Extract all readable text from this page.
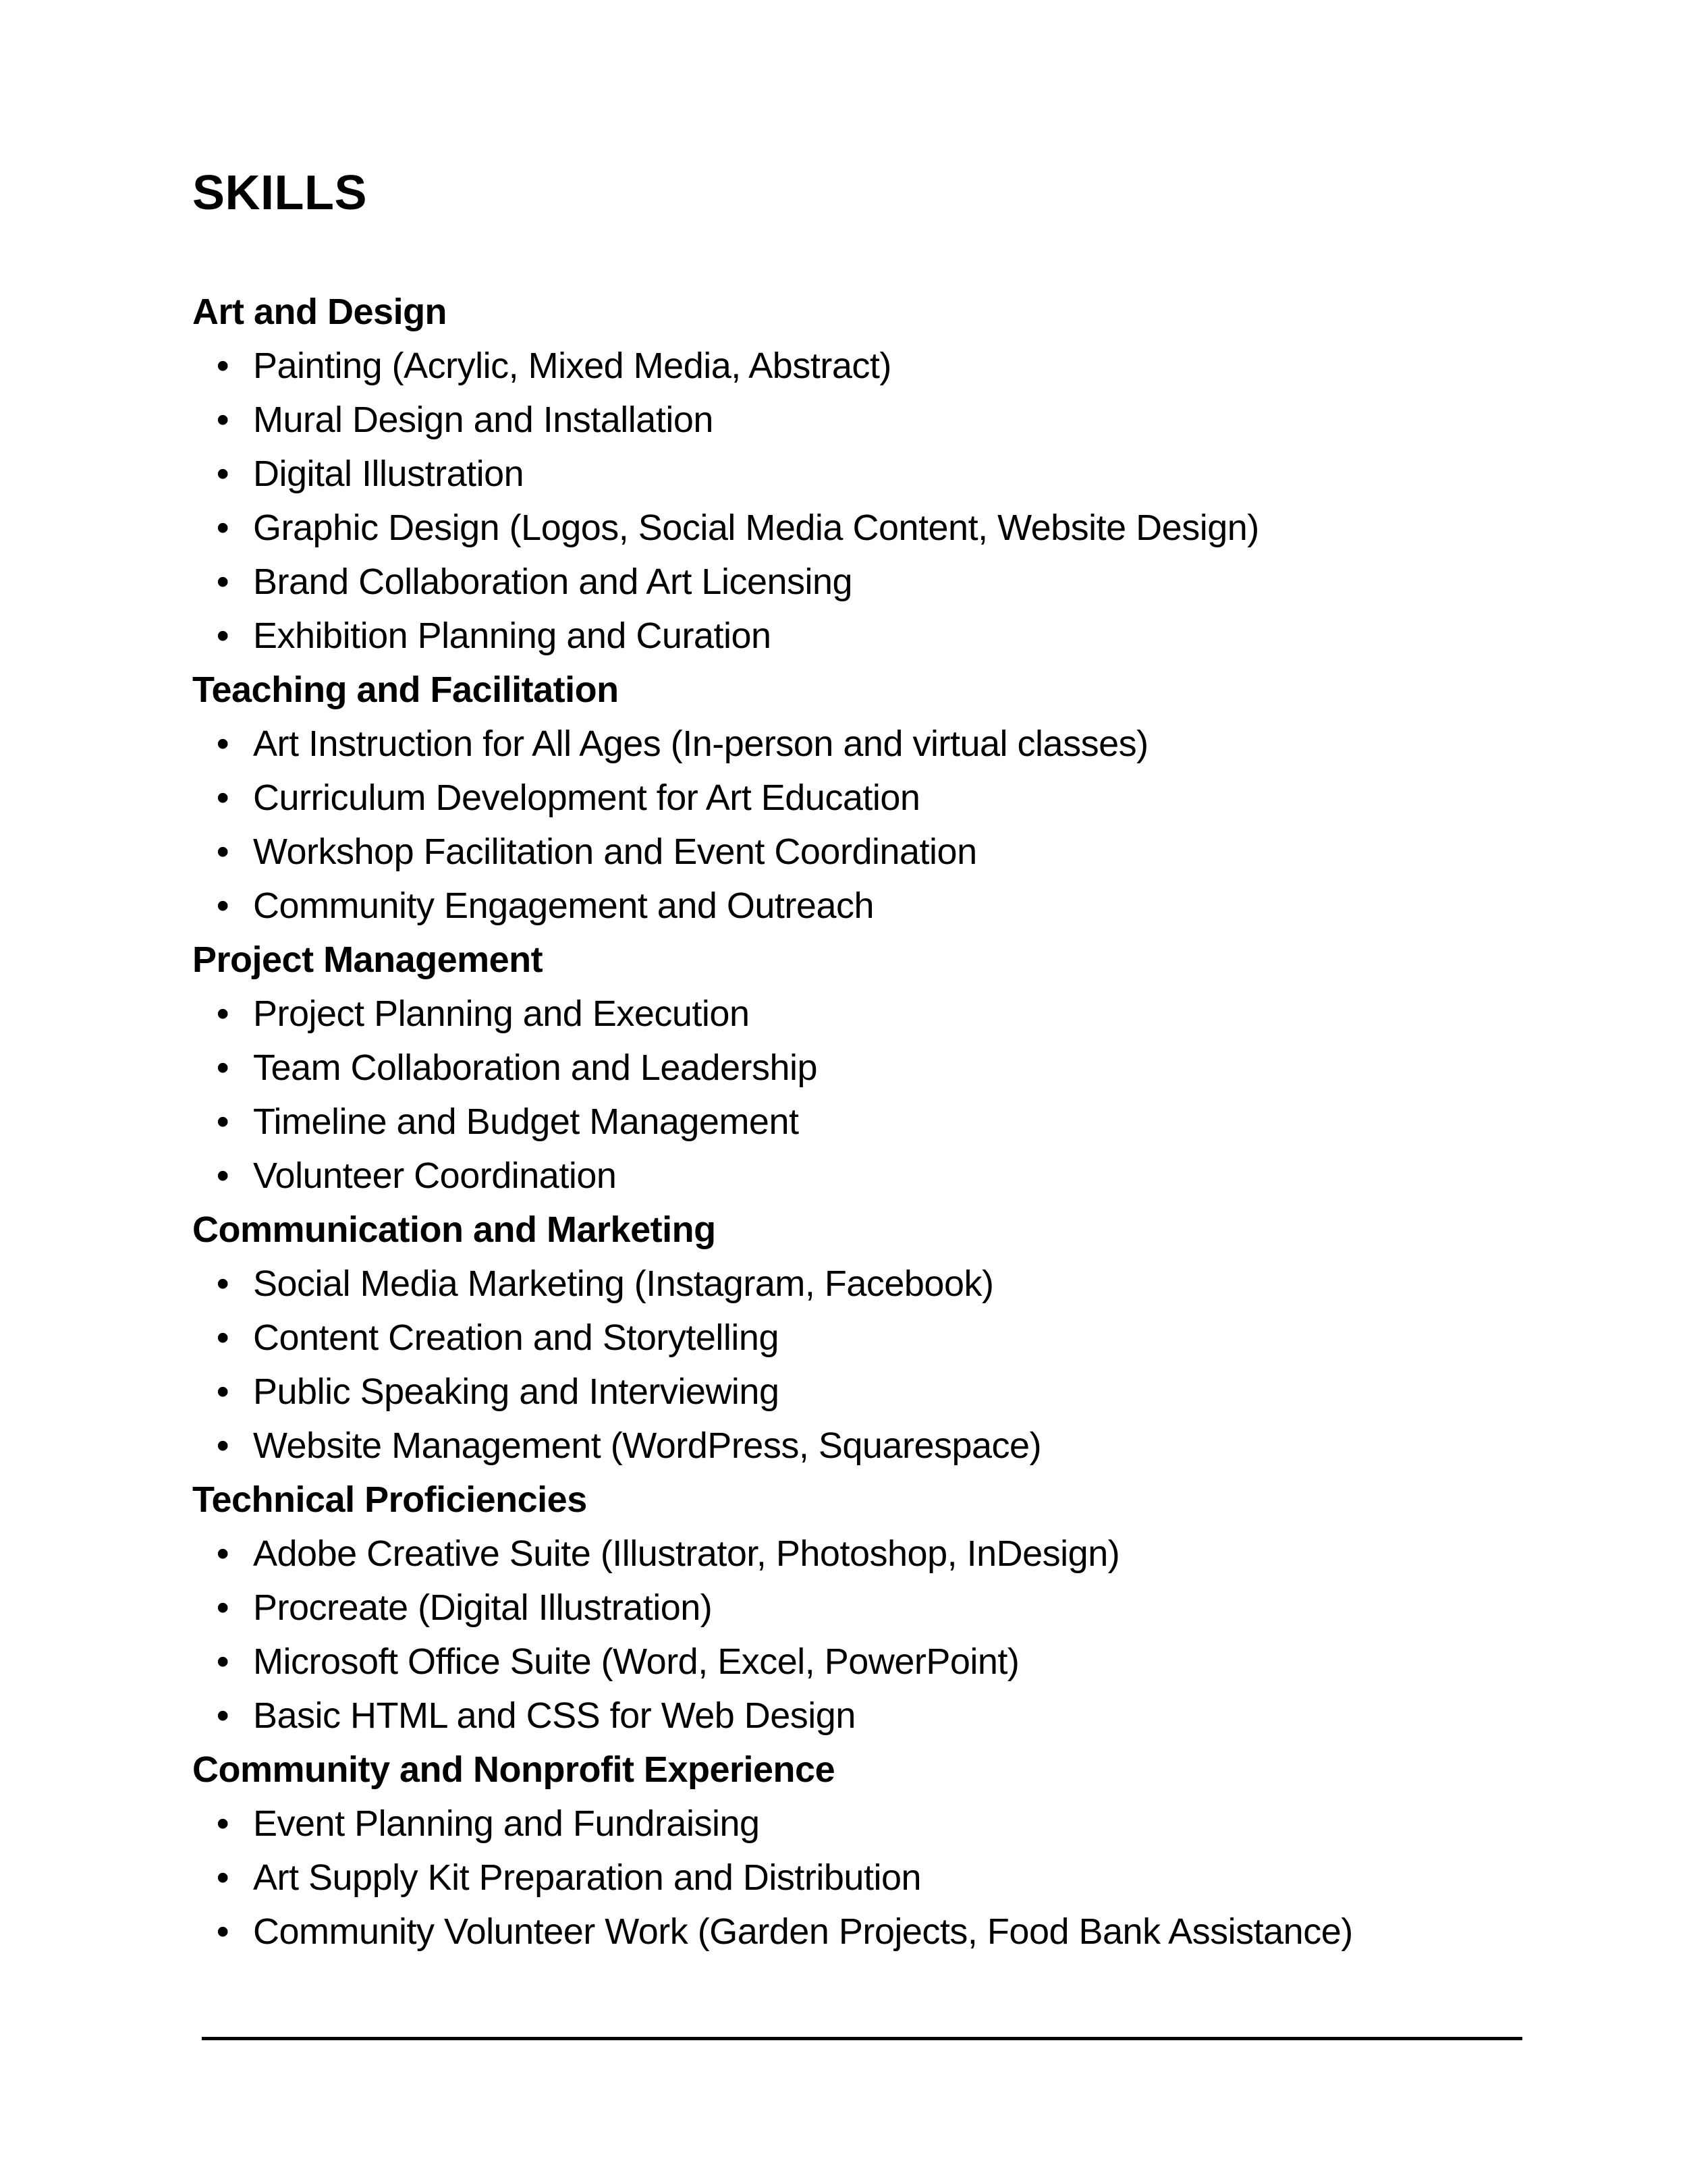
SKILLS
Art and Design
• Painting (Acrylic, Mixed Media, Abstract)
• Mural Design and Installation
• Digital Illustration
• Graphic Design (Logos, Social Media Content, Website Design)
• Brand Collaboration and Art Licensing
• Exhibition Planning and Curation
Teaching and Facilitation
• Art Instruction for All Ages (In-person and virtual classes)
• Curriculum Development for Art Education
• Workshop Facilitation and Event Coordination
• Community Engagement and Outreach
Project Management
• Project Planning and Execution
• Team Collaboration and Leadership
• Timeline and Budget Management
• Volunteer Coordination
Communication and Marketing
• Social Media Marketing (Instagram, Facebook)
• Content Creation and Storytelling
• Public Speaking and Interviewing
• Website Management (WordPress, Squarespace)
Technical Proficiencies
• Adobe Creative Suite (Illustrator, Photoshop, InDesign)
• Procreate (Digital Illustration)
• Microsoft Office Suite (Word, Excel, PowerPoint)
• Basic HTML and CSS for Web Design
Community and Nonprofit Experience
• Event Planning and Fundraising
• Art Supply Kit Preparation and Distribution
• Community Volunteer Work (Garden Projects, Food Bank Assistance)
